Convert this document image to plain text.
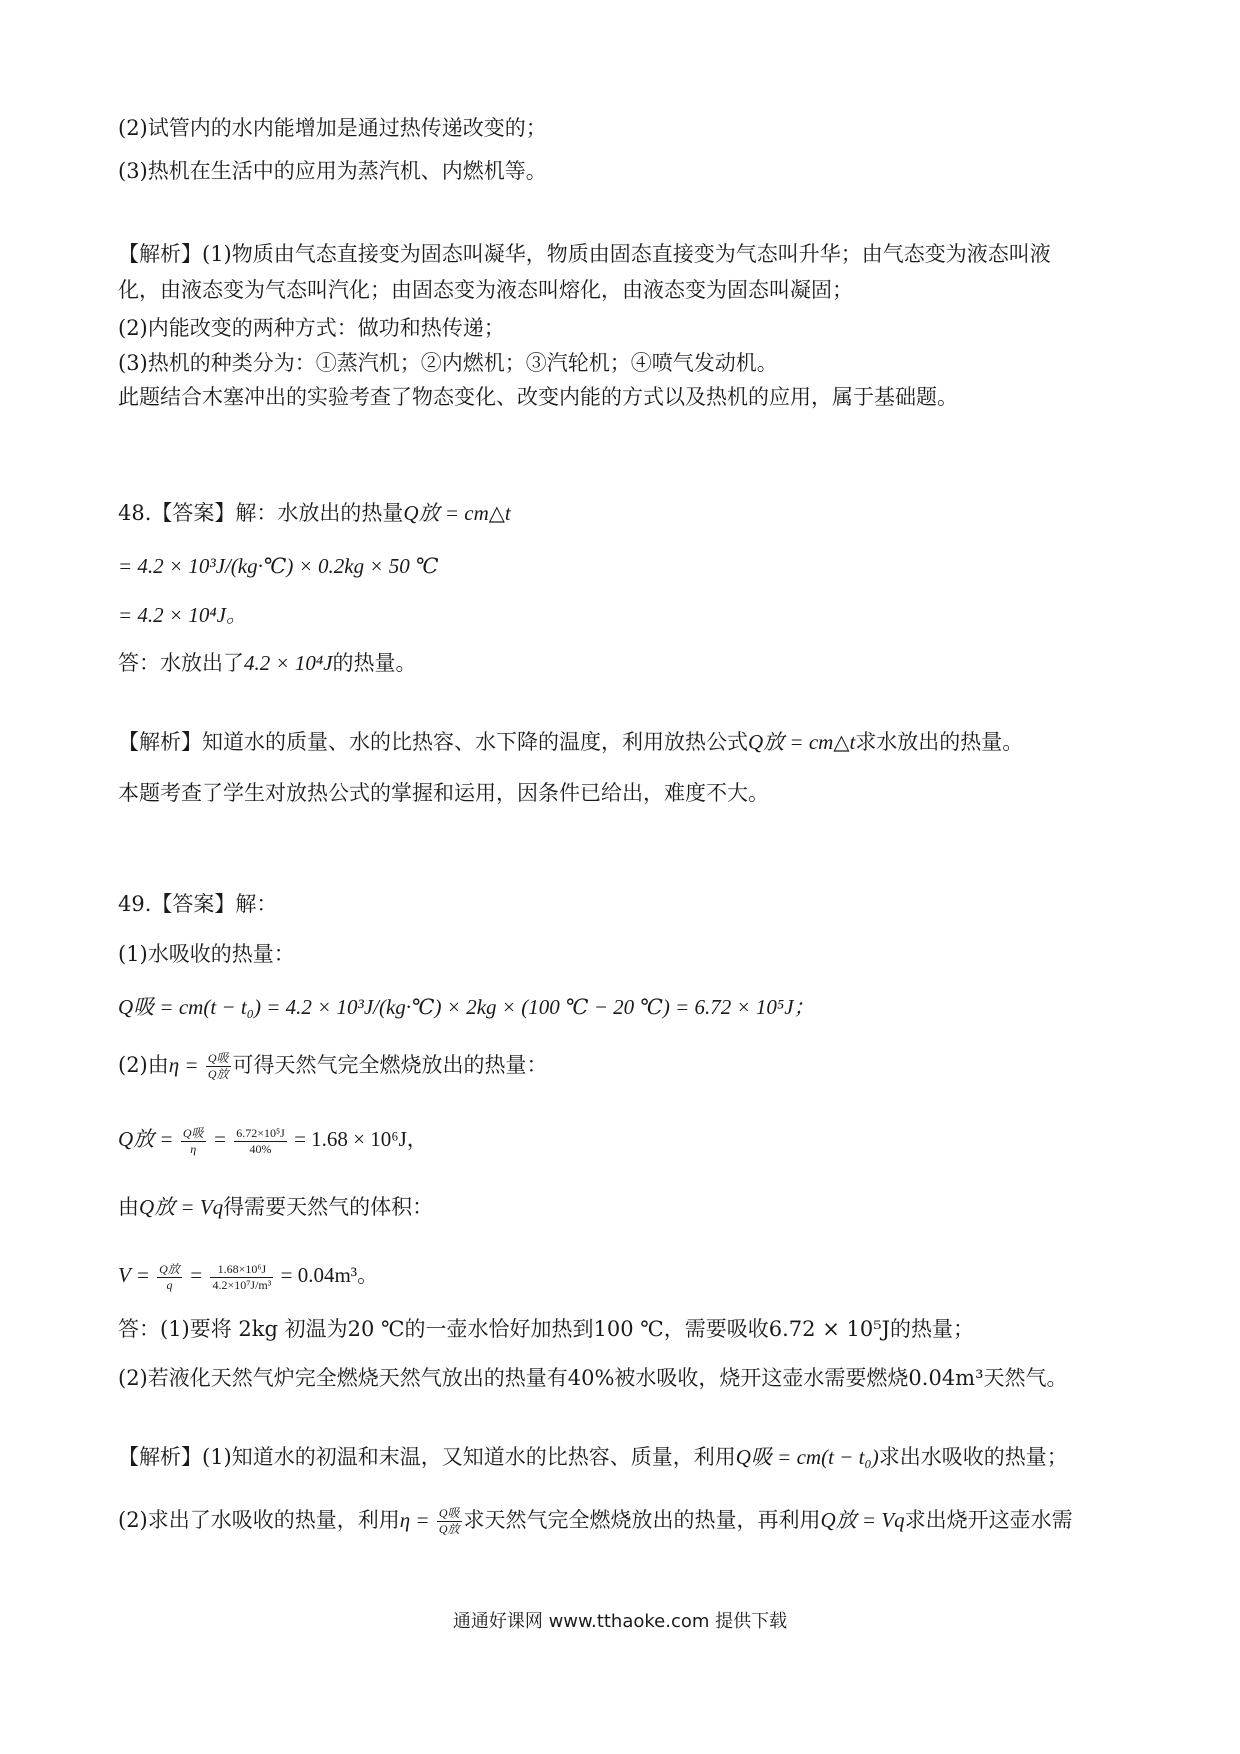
(2)试管内的水内能增加是通过热传递改变的；
(3)热机在生活中的应用为蒸汽机、内燃机等。
【解析】(1)物质由气态直接变为固态叫凝华，物质由固态直接变为气态叫升华；由气态变为液态叫液
化，由液态变为气态叫汽化；由固态变为液态叫熔化，由液态变为固态叫凝固；
(2)内能改变的两种方式：做功和热传递；
(3)热机的种类分为：①蒸汽机；②内燃机；③汽轮机；④喷气发动机。
此题结合木塞冲出的实验考查了物态变化、改变内能的方式以及热机的应用，属于基础题。
48.【答案】解：水放出的热量Q放 = cm△t
= 4.2 × 10³J/(kg·℃) × 0.2kg × 50 ℃
= 4.2 × 10⁴J。
答：水放出了4.2 × 10⁴J的热量。
【解析】知道水的质量、水的比热容、水下降的温度，利用放热公式Q放 = cm△t求水放出的热量。
本题考查了学生对放热公式的掌握和运用，因条件已给出，难度不大。
49.【答案】解：
(1)水吸收的热量：
Q吸 = cm(t − t₀) = 4.2 × 10³J/(kg·℃) × 2kg × (100 ℃ − 20 ℃) = 6.72 × 10⁵J；
(2)由$\eta = \frac{\text{Q吸}}{\text{Q放}}$ 可得天然气完全燃烧放出的热量：
Q放 = $\frac{\text{Q吸}}{\eta} = \frac{\text{6.72×10⁵J}}{40\%} = 1.68 \times 10^6J$，
由Q放 = Vq得需要天然气的体积：
$V = \frac{\text{Q放}}{q} = \frac{\text{1.68×10⁶J}}{\text{4.2×10⁷J/m³}} = 0.04m^3$。
答：(1)要将 2kg 初温为20 ℃的一壶水恰好加热到100 ℃，需要吸收6.72 × 10⁵J的热量；
(2)若液化天然气炉完全燃烧天然气放出的热量有40%被水吸收，烧开这壶水需要燃烧0.04m³天然气。
【解析】(1)知道水的初温和末温，又知道水的比热容、质量，利用Q吸 = cm(t − t₀)求出水吸收的热量；
(2)求出了水吸收的热量，利用$\eta = \frac{\text{Q吸}}{\text{Q放}}$ 求天然气完全燃烧放出的热量，再利用Q放 = Vq求出烧开这壶水需
通通好课网 www.tthaoke.com 提供下载
